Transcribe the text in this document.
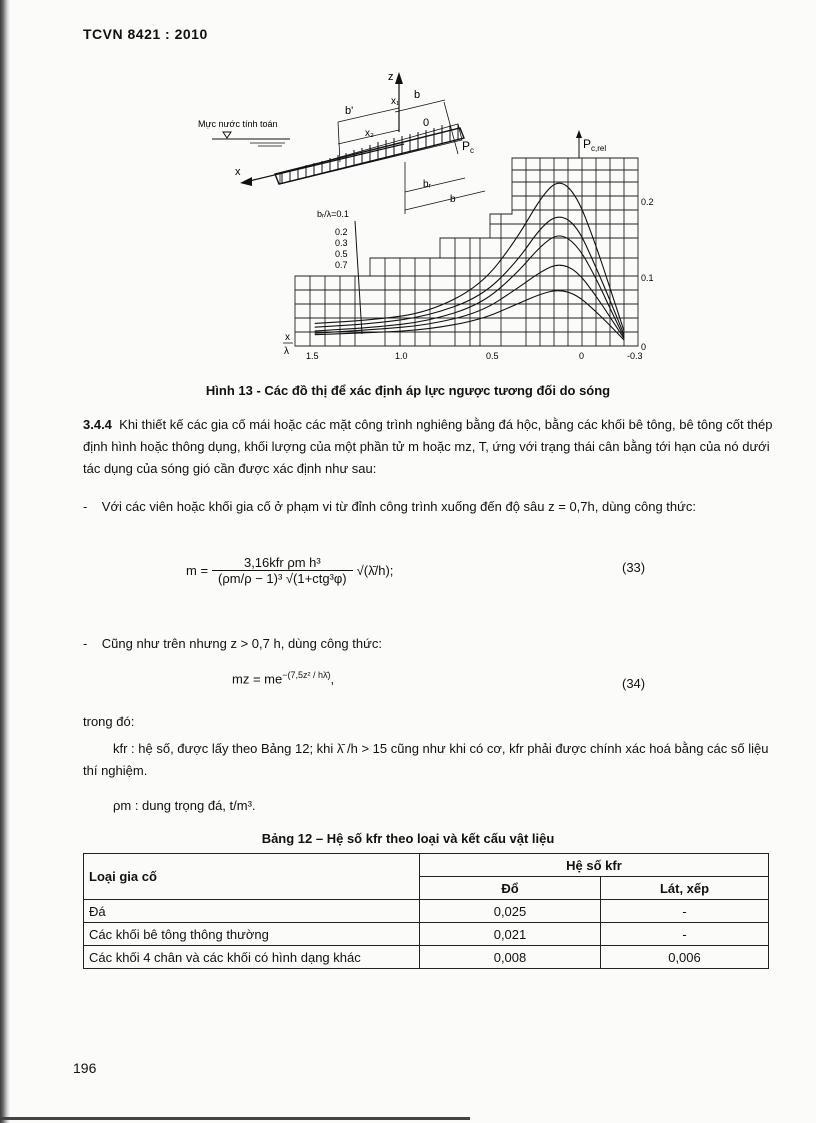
TCVN 8421 : 2010
z
Mực nước tính toán
$P_c$
x
b'
x₁
b
x₂
0
bᵣ
b
bᵣ/λ=0.1
0.2
0.3
0.5
0.7
$P_{c,rel}$
1.5	1.0	0.5	0	-0.3
0.2
0.1
0
x
λ
Hình 13 - Các đồ thị để xác định áp lực ngược tương đối do sóng
3.4.4 Khi thiết kế các gia cố mái hoặc các mặt công trình nghiêng bằng đá hộc, bằng các khối bê tông, bê tông cốt thép định hình hoặc thông dụng, khối lượng của một phần tử m hoặc mz, T, ứng với trạng thái cân bằng tới hạn của nó dưới tác dụng của sóng gió cần được xác định như sau:
-    Với các viên hoặc khối gia cố ở phạm vi từ đỉnh công trình xuống đến độ sâu z = 0,7h, dùng công thức:
m =	3,16kfr ρm h³	√(λ̄/h);
(ρm/ρ − 1)³ √(1+ctg³φ)
(33)
-    Cũng như trên nhưng z > 0,7 h, dùng công thức:
mz = $me^{-(7,5z^2 / h\lambdā)}$,	(34)
trong đó:
kfr : hệ số, được lấy theo Bảng 12; khi λ̄ /h > 15 cũng như khi có cơ, kfr phải được chính xác hoá bằng các số liệu thí nghiệm.
ρm : dung trọng đá, t/m³.
Bảng 12 – Hệ số kfr theo loại và kết cấu vật liệu
Loại gia cố	Hệ số kfr	
	Đổ	Lát, xếp
Đá	0,025	-
Các khối bê tông thông thường	0,021	-
Các khối 4 chân và các khối có hình dạng khác	0,008	0,006
196
